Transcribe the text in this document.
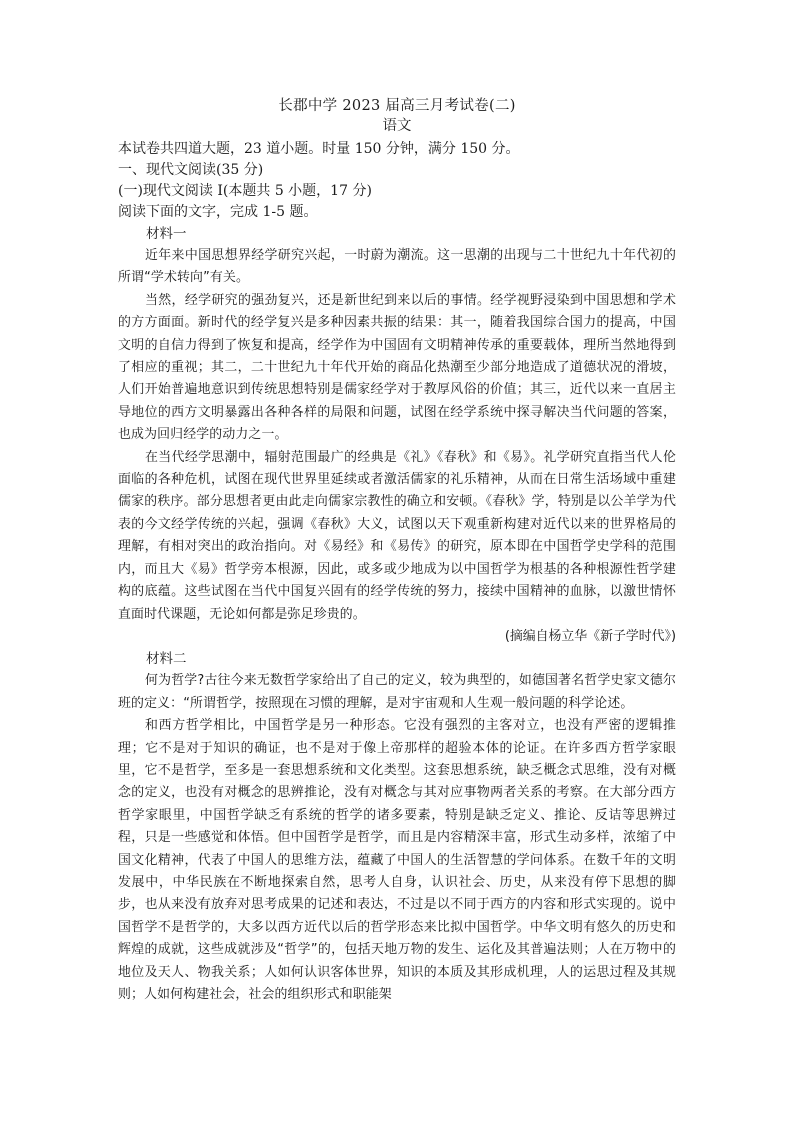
长郡中学 2023 届高三月考试卷(二)

语文

本试卷共四道大题，23 道小题。时量 150 分钟，满分 150 分。

一、现代文阅读(35 分)

(一)现代文阅读 I(本题共 5 小题，17 分)

阅读下面的文字，完成 1-5 题。

材料一

近年来中国思想界经学研究兴起，一时蔚为潮流。这一思潮的出现与二十世纪九十年代初的所谓“学术转向”有关。

当然，经学研究的强劲复兴，还是新世纪到来以后的事情。经学视野浸染到中国思想和学术的方方面面。新时代的经学复兴是多种因素共振的结果：其一，随着我国综合国力的提高，中国文明的自信力得到了恢复和提高，经学作为中国固有文明精神传承的重要载体，理所当然地得到了相应的重视；其二，二十世纪九十年代开始的商品化热潮至少部分地造成了道德状况的滑坡，人们开始普遍地意识到传统思想特别是儒家经学对于教厚风俗的价值；其三，近代以来一直居主导地位的西方文明暴露出各种各样的局限和问题，试图在经学系统中探寻解决当代问题的答案，也成为回归经学的动力之一。

在当代经学思潮中，辐射范围最广的经典是《礼》《春秋》和《易》。礼学研究直指当代人伦面临的各种危机，试图在现代世界里延续或者激活儒家的礼乐精神，从而在日常生活场域中重建儒家的秩序。部分思想者更由此走向儒家宗教性的确立和安顿。《春秋》学，特别是以公羊学为代表的今文经学传统的兴起，强调《春秋》大义，试图以天下观重新构建对近代以来的世界格局的理解，有相对突出的政治指向。对《易经》和《易传》的研究，原本即在中国哲学史学科的范围内，而且大《易》哲学旁本根源，因此，或多或少地成为以中国哲学为根基的各种根源性哲学建构的底蕴。这些试图在当代中国复兴固有的经学传统的努力，接续中国精神的血脉，以激世情怀直面时代课题，无论如何都是弥足珍贵的。

(摘编自杨立华《新子学时代》)

材料二

何为哲学?古往今来无数哲学家给出了自己的定义，较为典型的，如德国著名哲学史家文德尔班的定义：“所谓哲学，按照现在习惯的理解，是对宇宙观和人生观一般问题的科学论述。

和西方哲学相比，中国哲学是另一种形态。它没有强烈的主客对立，也没有严密的逻辑推理；它不是对于知识的确证，也不是对于像上帝那样的超验本体的论证。在许多西方哲学家眼里，它不是哲学，至多是一套思想系统和文化类型。这套思想系统，缺乏概念式思维，没有对概念的定义，也没有对概念的思辨推论，没有对概念与其对应事物两者关系的考察。在大部分西方哲学家眼里，中国哲学缺乏有系统的哲学的诸多要素，特别是缺乏定义、推论、反诘等思辨过程，只是一些感觉和体悟。但中国哲学是哲学，而且是内容精深丰富，形式生动多样，浓缩了中国文化精神，代表了中国人的思维方法，蕴藏了中国人的生活智慧的学问体系。在数千年的文明发展中，中华民族在不断地探索自然，思考人自身，认识社会、历史，从来没有停下思想的脚步，也从来没有放弃对思考成果的记述和表达，不过是以不同于西方的内容和形式实现的。说中国哲学不是哲学的，大多以西方近代以后的哲学形态来比拟中国哲学。中华文明有悠久的历史和辉煌的成就，这些成就涉及“哲学”的，包括天地万物的发生、运化及其普遍法则；人在万物中的地位及天人、物我关系；人如何认识客体世界，知识的本质及其形成机理，人的运思过程及其规则；人如何构建社会，社会的组织形式和职能架
